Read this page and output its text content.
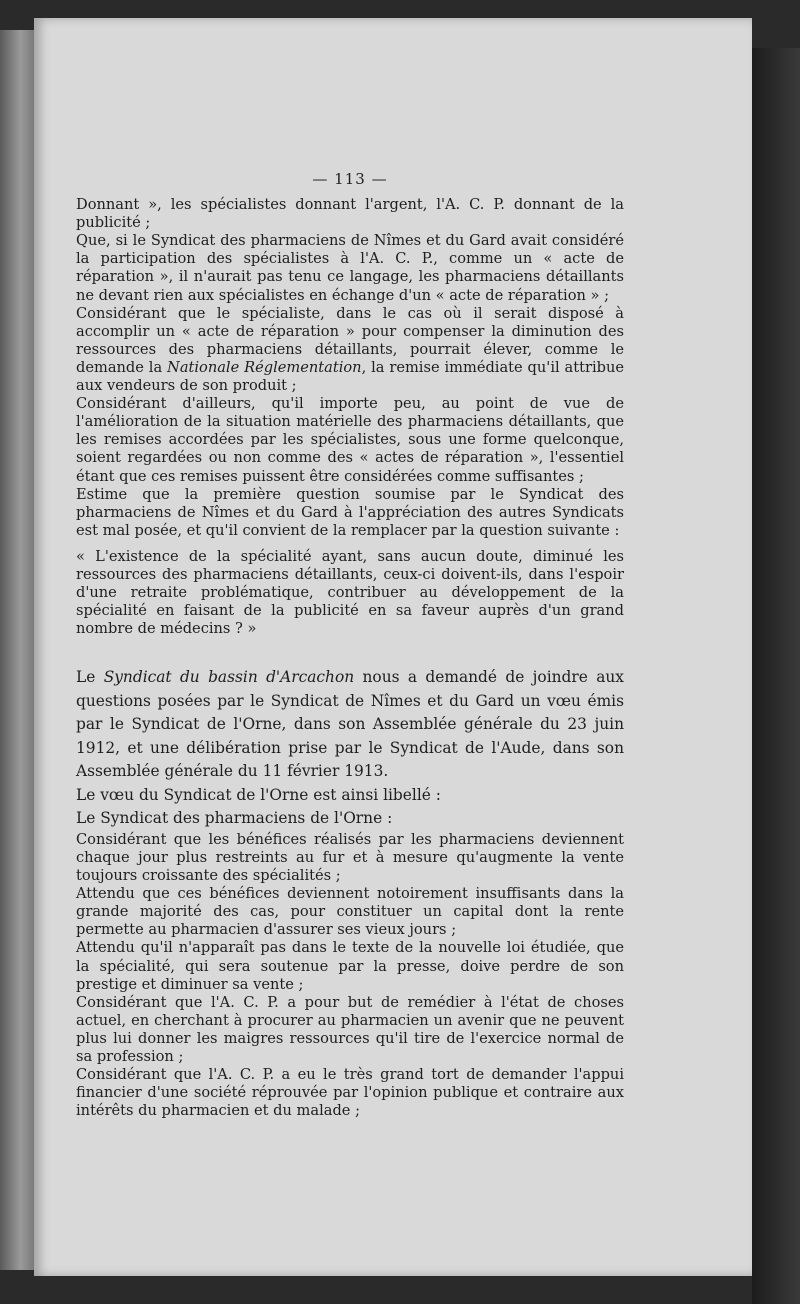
— 113 —

Donnant », les spécialistes donnant l'argent, l'A. C. P. donnant de la publicité ;

Que, si le Syndicat des pharmaciens de Nîmes et du Gard avait considéré la participation des spécialistes à l'A. C. P., comme un « acte de réparation », il n'aurait pas tenu ce langage, les pharmaciens détaillants ne devant rien aux spécialistes en échange d'un « acte de réparation » ;

Considérant que le spécialiste, dans le cas où il serait disposé à accomplir un « acte de réparation » pour compenser la diminution des ressources des pharmaciens détaillants, pourrait élever, comme le demande la Nationale Réglementation, la remise immédiate qu'il attribue aux vendeurs de son produit ;

Considérant d'ailleurs, qu'il importe peu, au point de vue de l'amélioration de la situation matérielle des pharmaciens détaillants, que les remises accordées par les spécialistes, sous une forme quelconque, soient regardées ou non comme des « actes de réparation », l'essentiel étant que ces remises puissent être considérées comme suffisantes ;

Estime que la première question soumise par le Syndicat des pharmaciens de Nîmes et du Gard à l'appréciation des autres Syndicats est mal posée, et qu'il convient de la remplacer par la question suivante :

« L'existence de la spécialité ayant, sans aucun doute, diminué les ressources des pharmaciens détaillants, ceux-ci doivent-ils, dans l'espoir d'une retraite problématique, contribuer au développement de la spécialité en faisant de la publicité en sa faveur auprès d'un grand nombre de médecins ? »

Le Syndicat du bassin d'Arcachon nous a demandé de joindre aux questions posées par le Syndicat de Nîmes et du Gard un vœu émis par le Syndicat de l'Orne, dans son Assemblée générale du 23 juin 1912, et une délibération prise par le Syndicat de l'Aude, dans son Assemblée générale du 11 février 1913.

Le vœu du Syndicat de l'Orne est ainsi libellé :

Le Syndicat des pharmaciens de l'Orne :

Considérant que les bénéfices réalisés par les pharmaciens deviennent chaque jour plus restreints au fur et à mesure qu'augmente la vente toujours croissante des spécialités ;

Attendu que ces bénéfices deviennent notoirement insuffisants dans la grande majorité des cas, pour constituer un capital dont la rente permette au pharmacien d'assurer ses vieux jours ;

Attendu qu'il n'apparaît pas dans le texte de la nouvelle loi étudiée, que la spécialité, qui sera soutenue par la presse, doive perdre de son prestige et diminuer sa vente ;

Considérant que l'A. C. P. a pour but de remédier à l'état de choses actuel, en cherchant à procurer au pharmacien un avenir que ne peuvent plus lui donner les maigres ressources qu'il tire de l'exercice normal de sa profession ;

Considérant que l'A. C. P. a eu le très grand tort de demander l'appui financier d'une société réprouvée par l'opinion publique et contraire aux intérêts du pharmacien et du malade ;
